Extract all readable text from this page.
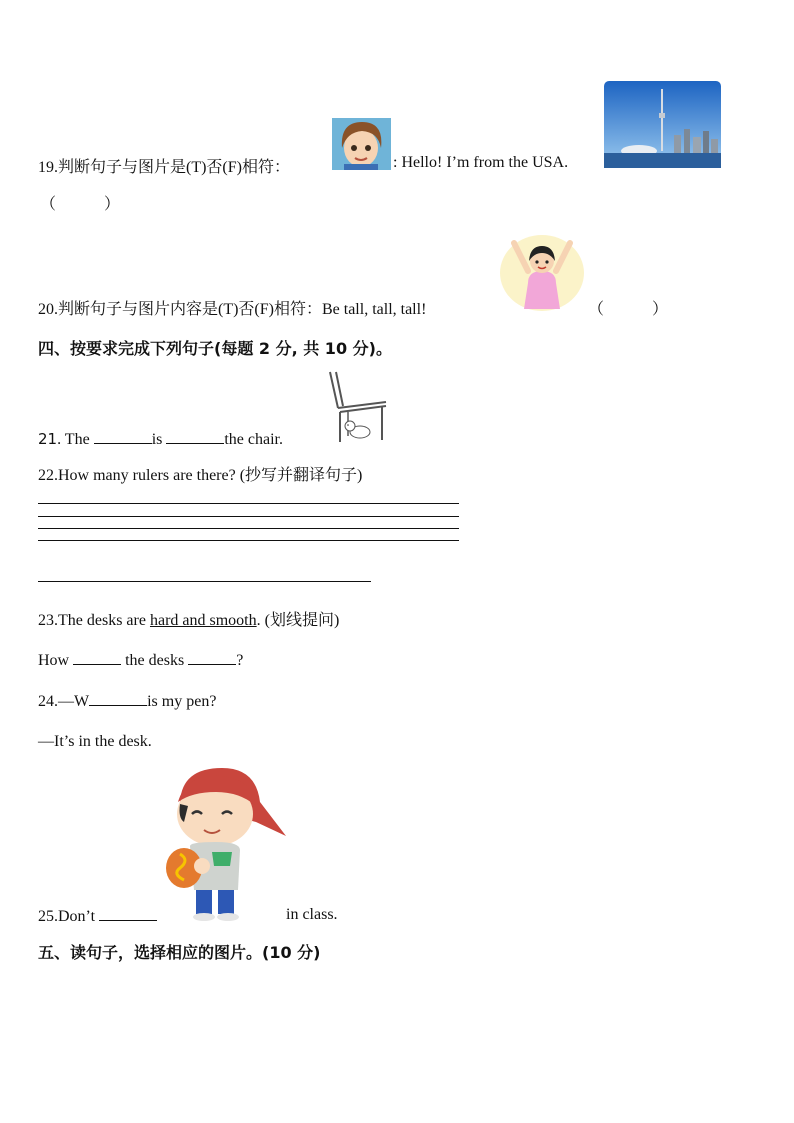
19.判断句子与图片是(T)否(F)相符：	: Hello! I’m from the USA.
（　　　）
20.判断句子与图片内容是(T)否(F)相符：Be tall, tall, tall!	（　　　）
四、按要求完成下列句子(每题 2 分, 共 10 分)。
21. The	is	the chair.
22.How many rulers are there? (抄写并翻译句子)
23.The desks are hard and smooth. (划线提问)
How	the desks	?
24.—W	is my pen?
—It’s in the desk.
25.Don’t	in class.
五、读句子，选择相应的图片。(10 分)
